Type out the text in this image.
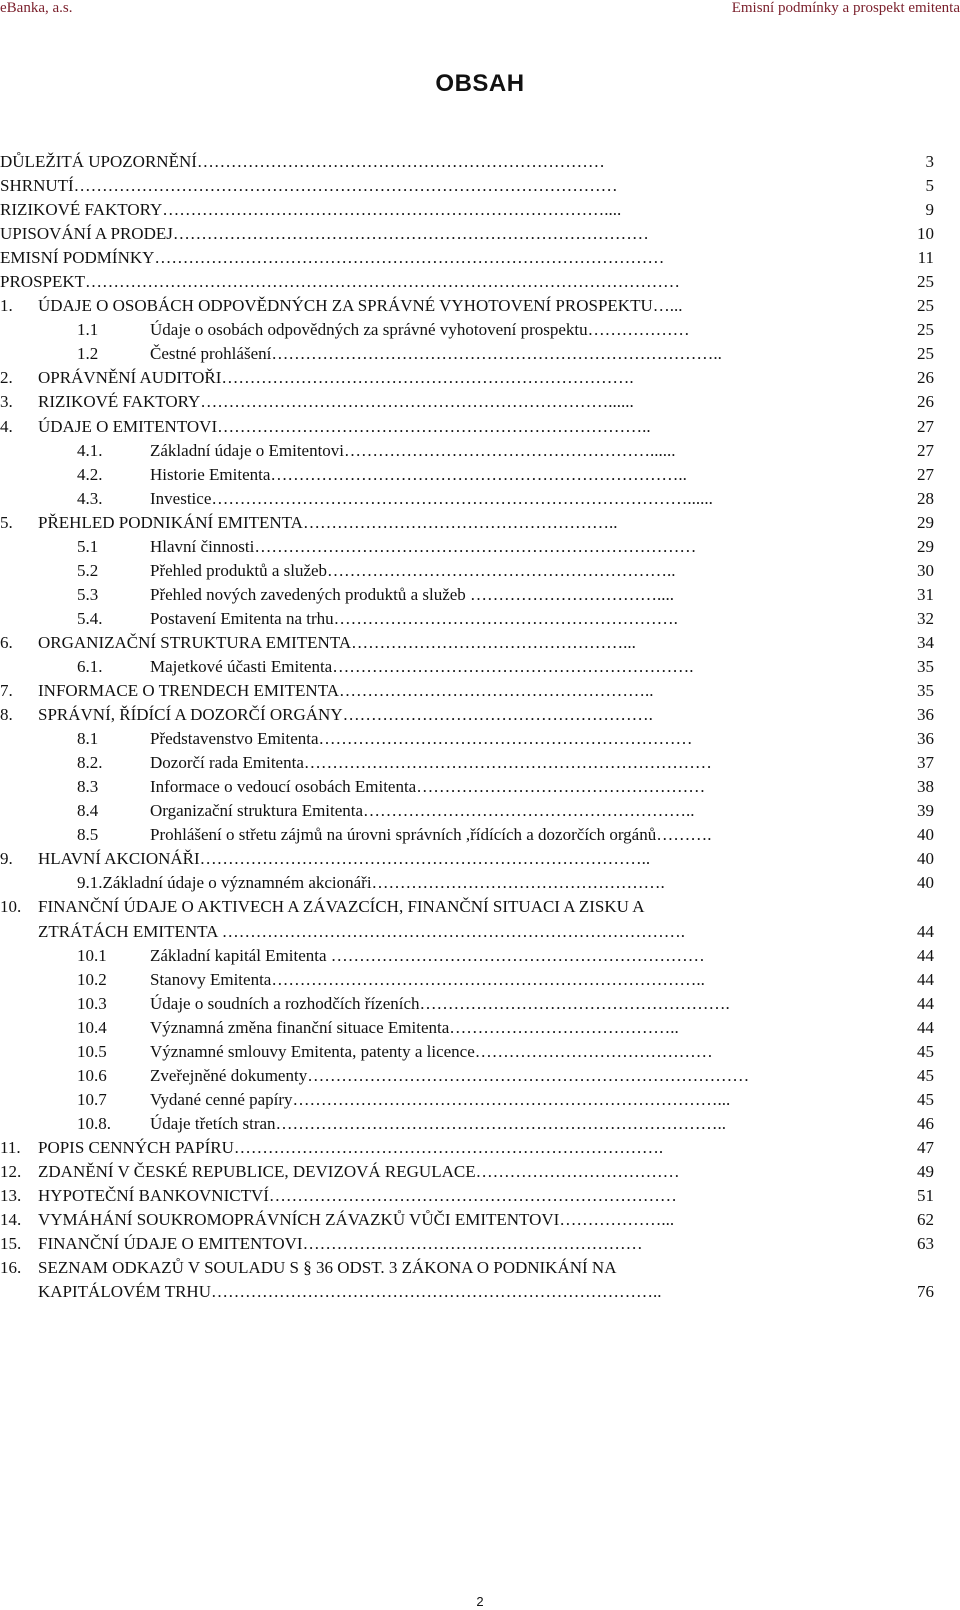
eBanka, a.s.	Emisní podmínky a prospekt emitenta
OBSAH
DŮLEŽITÁ UPOZORNĚNÍ………………………………………………………………	3
SHRNUTÍ……………………………………………………………………………………	5
RIZIKOVÉ FAKTORY……………………………………………………………………....	9
UPISOVÁNÍ A PRODEJ…………………………………………………………………………	10
EMISNÍ PODMÍNKY………………………………………………………………………………	11
PROSPEKT……………………………………………………………………………………………	25
1. ÚDAJE O OSOBÁCH ODPOVĚDNÝCH ZA SPRÁVNÉ VYHOTOVENÍ PROSPEKTU…...	25
1.1	Údaje o osobách odpovědných za správné vyhotovení prospektu………………	25
1.2	Čestné prohlášení……………………………………………………………………..	25
2. OPRÁVNĚNÍ AUDITOŘI……………………………………………………………….	26
3. RIZIKOVÉ FAKTORY………………………………………………………………......	26
4. ÚDAJE O EMITENTOVI…………………………………………………………………..	27
4.1.	Základní údaje o Emitentovi………………………………………………......	27
4.2.	Historie Emitenta………………………………………………………………..	27
4.3.	Investice…………………………………………………………………………......	28
5. PŘEHLED PODNIKÁNÍ EMITENTA………………………………………………..	29
5.1	Hlavní činnosti……………………………………………………………………	29
5.2	Přehled produktů a služeb……………………………………………………..	30
5.3	Přehled nových zavedených produktů a služeb ……………………………....	31
5.4.	Postavení Emitenta na trhu…………………………………………………….	32
6. ORGANIZAČNÍ STRUKTURA EMITENTA…………………………………………...	34
6.1.	Majetkové účasti Emitenta……………………………………………………….	35
7. INFORMACE O TRENDECH EMITENTA………………………………………………..	35
8. SPRÁVNÍ, ŘÍDÍCÍ A DOZORČÍ ORGÁNY……………………………………………….	36
8.1	Představenstvo Emitenta…………………………………………………………	36
8.2.	Dozorčí rada Emitenta………………………………………………………………	37
8.3	Informace o vedoucí osobách Emitenta……………………………………………	38
8.4	Organizační struktura Emitenta…………………………………………………..	39
8.5	Prohlášení o střetu zájmů na úrovni správních ,řídících a dozorčích orgánů……….	40
9. HLAVNÍ AKCIONÁŘI……………………………………………………………………..	40
9.1.Základní údaje o významném akcionáři…………………………………………….	40
10. FINANČNÍ ÚDAJE O AKTIVECH A ZÁVAZCÍCH, FINANČNÍ SITUACI A ZISKU A
ZTRÁTÁCH EMITENTA ……………………………………………………………………….	44
10.1	Základní kapitál Emitenta …………………………………………………………	44
10.2	Stanovy Emitenta…………………………………………………………………..	44
10.3	Údaje o soudních a rozhodčích řízeních……………………………………………….	44
10.4	Významná změna finanční situace Emitenta…………………………………..	44
10.5	Významné smlouvy Emitenta, patenty a licence……………………………………	45
10.6	Zveřejněné dokumenty……………………………………………………………………	45
10.7	Vydané cenné papíry…………………………………………………………………...	45
10.8. Údaje třetích stran……………………………………………………………………..	46
11. POPIS CENNÝCH PAPÍRU………………………………………………………………….	47
12. ZDANĚNÍ V ČESKÉ REPUBLICE, DEVIZOVÁ REGULACE………………………………	49
13. HYPOTEČNÍ BANKOVNICTVÍ………………………………………………………………	51
14. VYMÁHÁNÍ SOUKROMOPRÁVNÍCH ZÁVAZKŮ VŮČI EMITENTOVI………………...	62
15. FINANČNÍ ÚDAJE O EMITENTOVI……………………………………………………	63
16. SEZNAM ODKAZŮ V SOULADU S § 36 ODST. 3 ZÁKONA O PODNIKÁNÍ NA
KAPITÁLOVÉM TRHU……………………………………………………………………..	76
2
